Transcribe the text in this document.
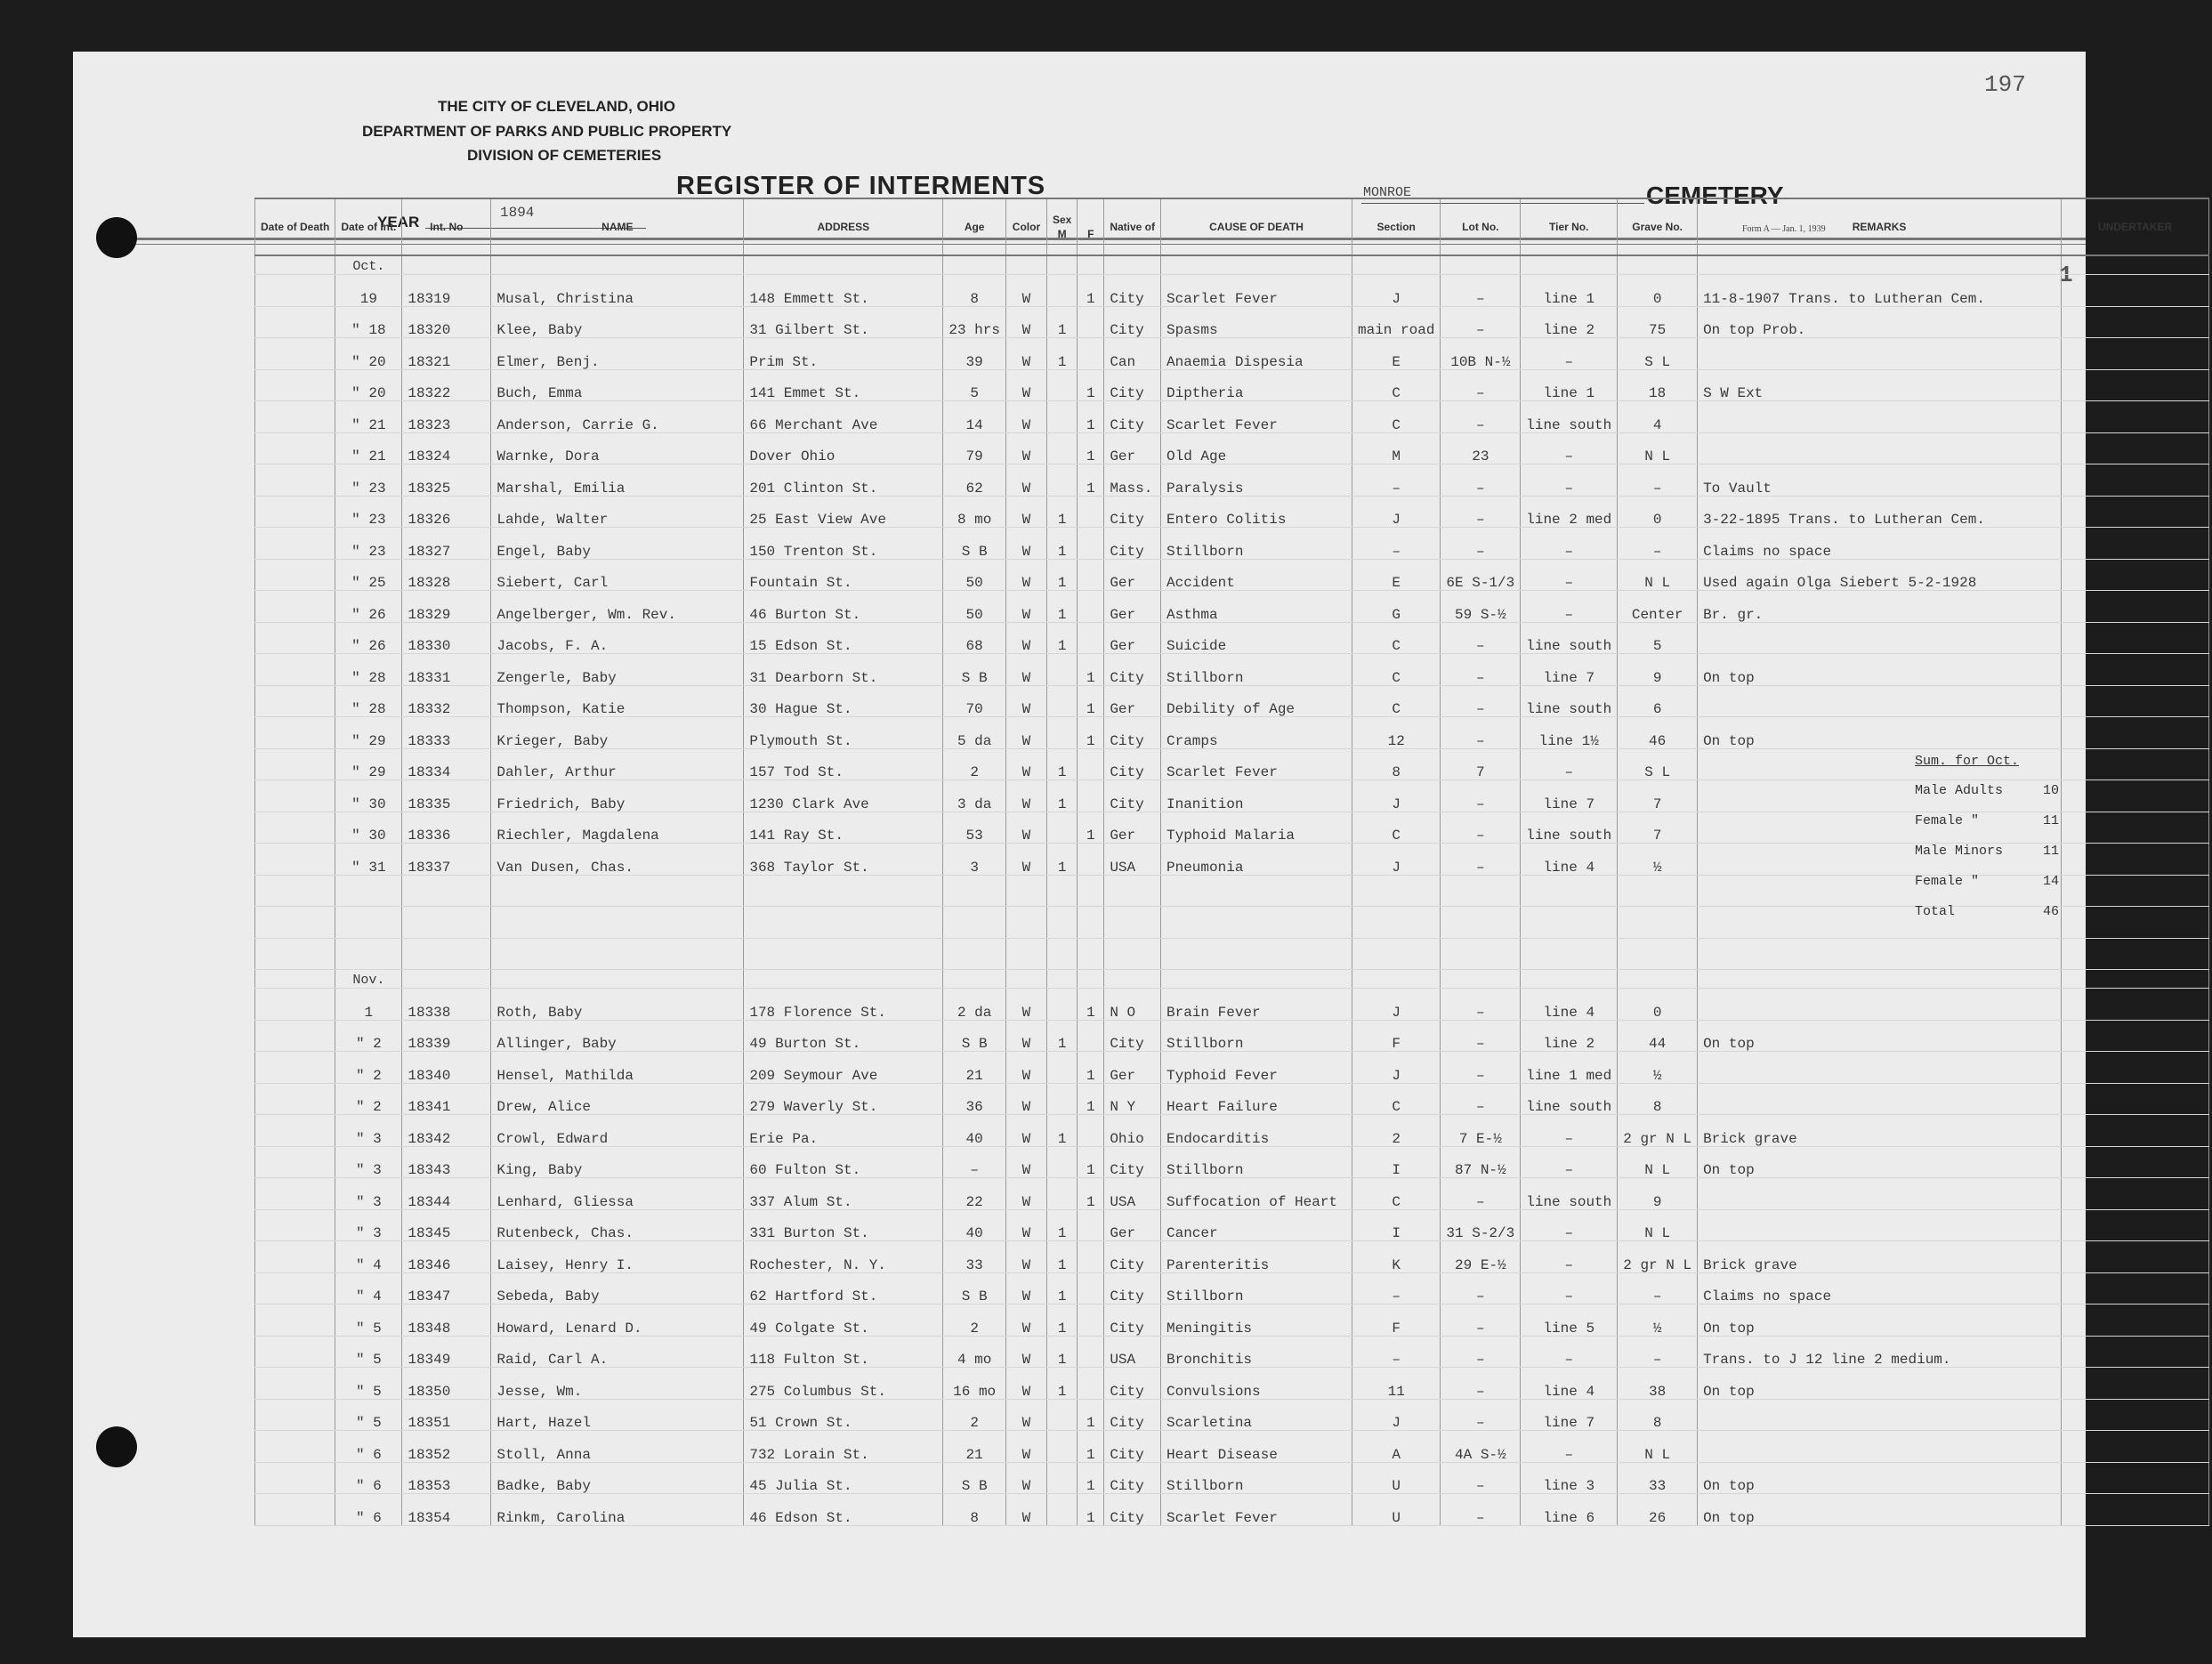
THE CITY OF CLEVELAND, OHIO
DEPARTMENT OF PARKS AND PUBLIC PROPERTY
DIVISION OF CEMETERIES
REGISTER OF INTERMENTS
YEAR
1894
MONROE	CEMETERY
Form A — Jan. 1, 1939
197
1
Date of Death	Date of Int.	Int. No	NAME	ADDRESS	Age	Color	Sex
M	F	Native of	CAUSE OF DEATH	Section	Lot No.	Tier No.	Grave No.	REMARKS	UNDERTAKER
	Oct.															
	19	18319	Musal, Christina	148 Emmett St.	8	W		1	City	Scarlet Fever	J	–	line 1	0	11-8-1907 Trans. to Lutheran Cem.	
	" 18	18320	Klee, Baby	31 Gilbert St.	23 hrs	W	1		City	Spasms	main road	–	line 2	75	On top Prob.	
	" 20	18321	Elmer, Benj.	Prim St.	39	W	1		Can	Anaemia Dispesia	E	10B N-½	–	S L		
	" 20	18322	Buch, Emma	141 Emmet St.	5	W		1	City	Diptheria	C	–	line 1	18	S W Ext	
	" 21	18323	Anderson, Carrie G.	66 Merchant Ave	14	W		1	City	Scarlet Fever	C	–	line south	4		
	" 21	18324	Warnke, Dora	Dover Ohio	79	W		1	Ger	Old Age	M	23	–	N L		
	" 23	18325	Marshal, Emilia	201 Clinton St.	62	W		1	Mass.	Paralysis	–	–	–	–	To Vault	
	" 23	18326	Lahde, Walter	25 East View Ave	8 mo	W	1		City	Entero Colitis	J	–	line 2 med	0	3-22-1895 Trans. to Lutheran Cem.	
	" 23	18327	Engel, Baby	150 Trenton St.	S B	W	1		City	Stillborn	–	–	–	–	Claims no space	
	" 25	18328	Siebert, Carl	Fountain St.	50	W	1		Ger	Accident	E	6E S-1/3	–	N L	Used again Olga Siebert 5-2-1928	
	" 26	18329	Angelberger, Wm. Rev.	46 Burton St.	50	W	1		Ger	Asthma	G	59 S-½	–	Center	Br. gr.	
	" 26	18330	Jacobs, F. A.	15 Edson St.	68	W	1		Ger	Suicide	C	–	line south	5		
	" 28	18331	Zengerle, Baby	31 Dearborn St.	S B	W		1	City	Stillborn	C	–	line 7	9	On top	
	" 28	18332	Thompson, Katie	30 Hague St.	70	W		1	Ger	Debility of Age	C	–	line south	6		
	" 29	18333	Krieger, Baby	Plymouth St.	5 da	W		1	City	Cramps	12	–	line 1½	46	On top	
	" 29	18334	Dahler, Arthur	157 Tod St.	2	W	1		City	Scarlet Fever	8	7	–	S L		
	" 30	18335	Friedrich, Baby	1230 Clark Ave	3 da	W	1		City	Inanition	J	–	line 7	7		
	" 30	18336	Riechler, Magdalena	141 Ray St.	53	W		1	Ger	Typhoid Malaria	C	–	line south	7		
	" 31	18337	Van Dusen, Chas.	368 Taylor St.	3	W	1		USA	Pneumonia	J	–	line 4	½		

	Nov.															
	1	18338	Roth, Baby	178 Florence St.	2 da	W		1	N O	Brain Fever	J	–	line 4	0		
	" 2	18339	Allinger, Baby	49 Burton St.	S B	W	1		City	Stillborn	F	–	line 2	44	On top	
	" 2	18340	Hensel, Mathilda	209 Seymour Ave	21	W		1	Ger	Typhoid Fever	J	–	line 1 med	½		
	" 2	18341	Drew, Alice	279 Waverly St.	36	W		1	N Y	Heart Failure	C	–	line south	8		
	" 3	18342	Crowl, Edward	Erie Pa.	40	W	1		Ohio	Endocarditis	2	7 E-½	–	2 gr N L	Brick grave	
	" 3	18343	King, Baby	60 Fulton St.	–	W		1	City	Stillborn	I	87 N-½	–	N L	On top	
	" 3	18344	Lenhard, Gliessa	337 Alum St.	22	W		1	USA	Suffocation of Heart	C	–	line south	9		
	" 3	18345	Rutenbeck, Chas.	331 Burton St.	40	W	1		Ger	Cancer	I	31 S-2/3	–	N L		
	" 4	18346	Laisey, Henry I.	Rochester, N. Y.	33	W	1		City	Parenteritis	K	29 E-½	–	2 gr N L	Brick grave	
	" 4	18347	Sebeda, Baby	62 Hartford St.	S B	W	1		City	Stillborn	–	–	–	–	Claims no space	
	" 5	18348	Howard, Lenard D.	49 Colgate St.	2	W	1		City	Meningitis	F	–	line 5	½	On top	
	" 5	18349	Raid, Carl A.	118 Fulton St.	4 mo	W	1		USA	Bronchitis	–	–	–	–	Trans. to J 12 line 2 medium.	
	" 5	18350	Jesse, Wm.	275 Columbus St.	16 mo	W	1		City	Convulsions	11	–	line 4	38	On top	
	" 5	18351	Hart, Hazel	51 Crown St.	2	W		1	City	Scarletina	J	–	line 7	8		
	" 6	18352	Stoll, Anna	732 Lorain St.	21	W		1	City	Heart Disease	A	4A S-½	–	N L		
	" 6	18353	Badke, Baby	45 Julia St.	S B	W		1	City	Stillborn	U	–	line 3	33	On top	
	" 6	18354	Rinkm, Carolina	46 Edson St.	8	W		1	City	Scarlet Fever	U	–	line 6	26	On top	
Sum. for Oct.
Male Adults	10
Female "	11
Male Minors	11
Female "	14
Total	46
